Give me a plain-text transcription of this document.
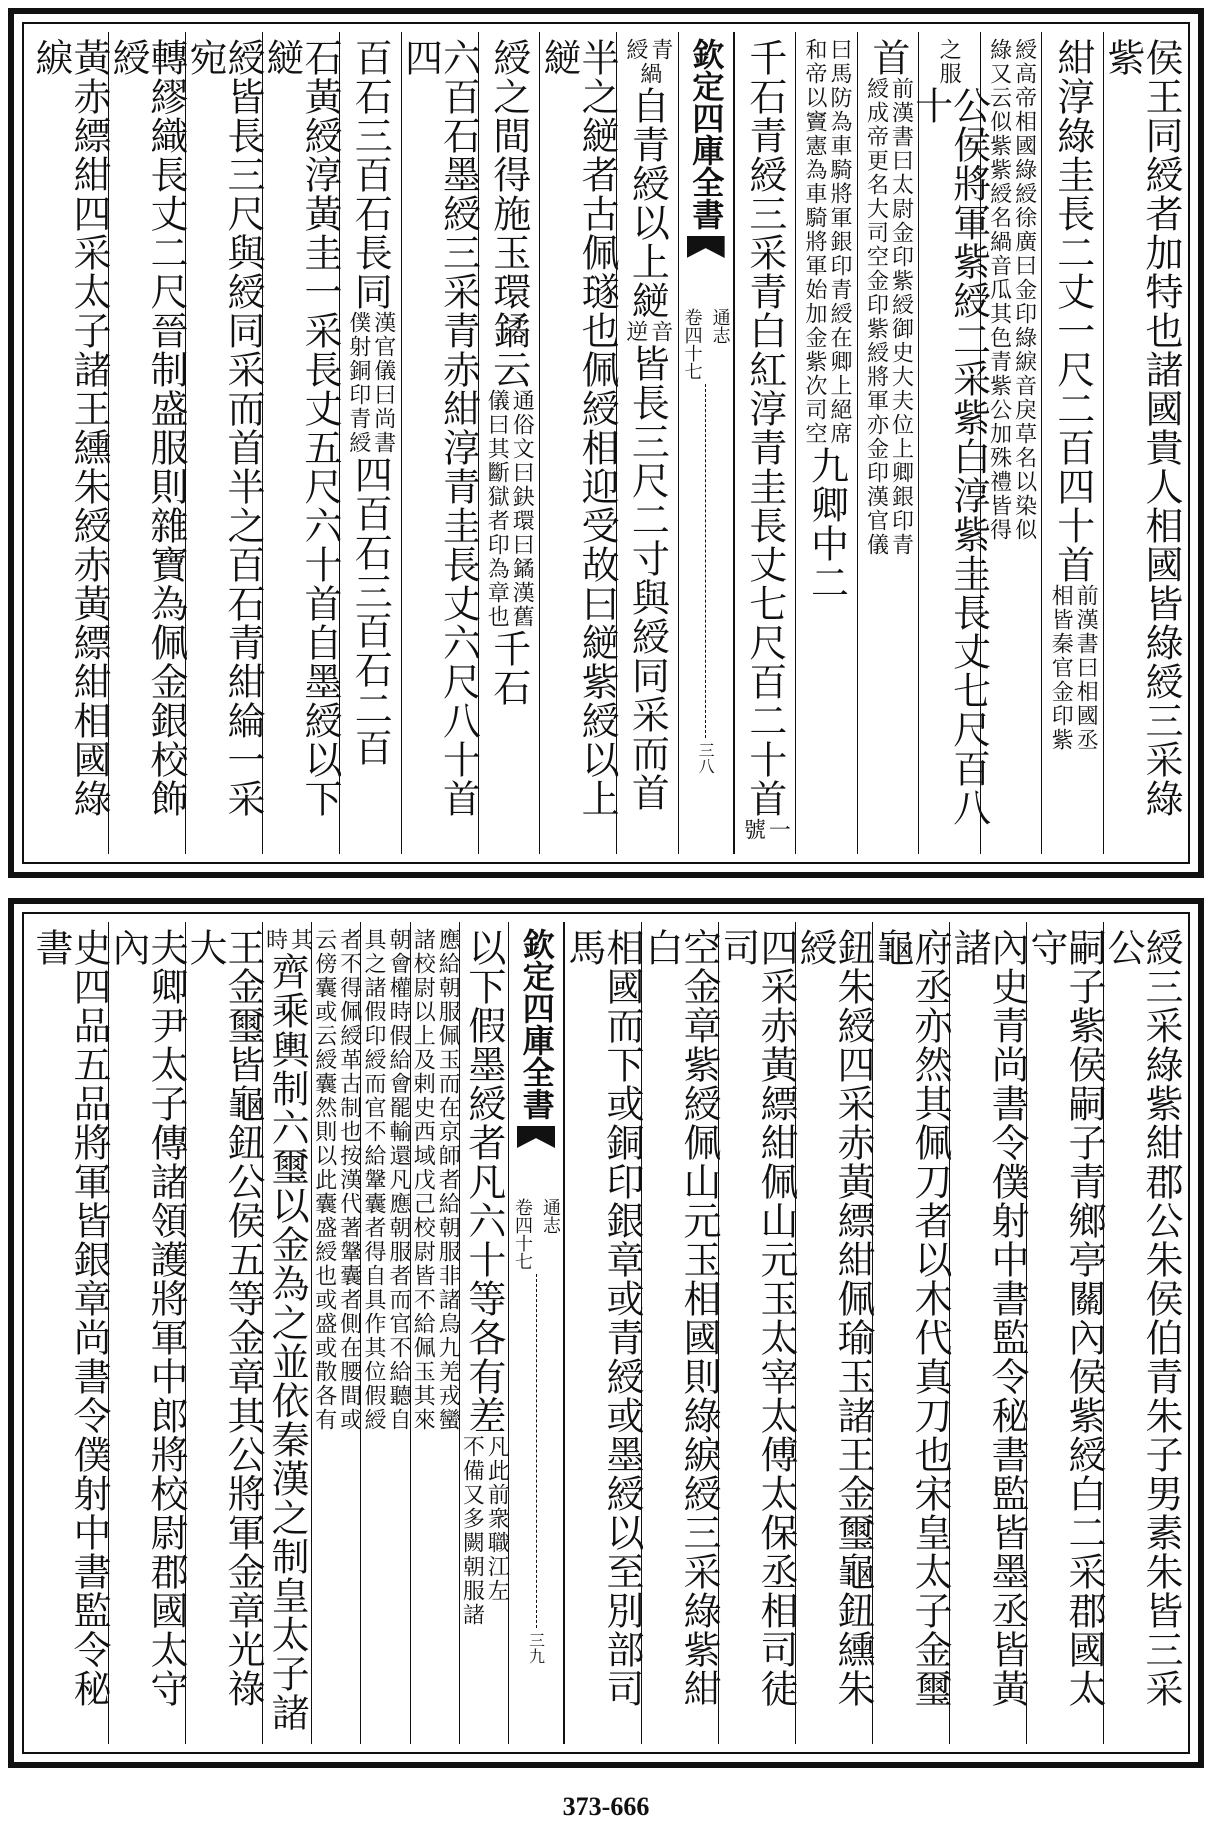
侯王同綬者加特也諸國貴人相國皆綠綬三采綠紫
紺淳綠圭長二丈一尺二百四十首
前漢書曰相國丞
相皆秦官金印紫
綬高帝相國綠綬徐廣曰金印綠綟音戾草名以染似
綠又云似紫紫綬名緺音瓜其色青紫公加殊禮皆得
之服
公侯將軍紫綬二采紫白淳紫圭長丈七尺百八十
首
前漢書曰太尉金印紫綬御史大夫位上卿銀印青
綬成帝更名大司空金印紫綬將軍亦金印漢官儀
曰馬防為車騎將軍銀印青綬在卿上絕席
和帝以竇憲為車騎將軍始加金紫次司空
九卿中二
千石青綬三采青白紅淳青圭長丈七尺百二十首
一
號
欽定四庫全書
通志
卷四十七
三八
青
綬
緺
自青綬以上縌
音
逆
皆長三尺二寸與綬同采而首
半之縌者古佩璲也佩綬相迎受故曰縌紫綬以上縌
綬之間得施玉環鐍云
通俗文曰鈌環曰鐍漢舊
儀曰其斷獄者印為章也
千石
六百石墨綬三采青赤紺淳青圭長丈六尺八十首四
百石三百石長同
漢官儀曰尚書
僕射銅印青綬
四百石三百石二百
石黃綬淳黃圭一采長丈五尺六十首自墨綬以下縌
綬皆長三尺與綬同采而首半之百石青紺綸一采宛
轉繆織長丈二尺晉制盛服則雜寶為佩金銀校飾綬
黃赤縹紺四采太子諸王纁朱綬赤黃縹紺相國綠綟
綬三采綠紫紺郡公朱侯伯青朱子男素朱皆三采公
嗣子紫侯嗣子青鄉亭關內侯紫綬白二采郡國太守
內史青尚書令僕射中書監令秘書監皆墨丞皆黃諸
府丞亦然其佩刀者以木代真刀也宋皇太子金璽龜
鈕朱綬四采赤黃縹紺佩瑜玉諸王金璽龜鈕纁朱綬
四采赤黃縹紺佩山元玉太宰太傅太保丞相司徒司
空金章紫綬佩山元玉相國則綠綟綬三采綠紫紺白
相國而下或銅印銀章或青綬或墨綬以至別部司馬
欽定四庫全書
通志
卷四十七
三九
以下假墨綬者凡六十等各有差
凡此前衆職江左
不備又多闕朝服諸
應給朝服佩玉而在京師者給朝服非諸烏九羌戎蠻
諸校尉以上及剌史西域戊己校尉皆不給佩玉其來
朝會權時假給會罷輸還凡應朝服者而官不給聽自
具之諸假印綬而官不給鞶囊者得自具作其位假綬
者不得佩綬革古制也按漢代著鞶囊者側在腰間或
云傍囊或云綬囊然則以此囊盛綬也或盛或散各有
其
時
齊乘輿制六璽以金為之並依秦漢之制皇太子諸
王金璽皆龜鈕公侯五等金章其公將軍金章光祿大
夫卿尹太子傳諸領護將軍中郎將校尉郡國太守內
史四品五品將軍皆銀章尚書令僕射中書監令秘書
373-666
